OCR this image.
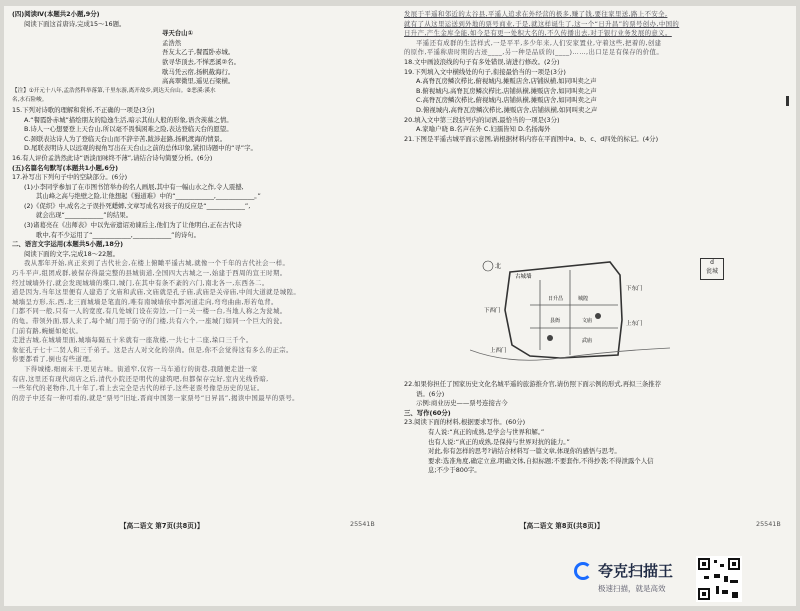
(四)阅读Ⅳ(本题共2小题,9分)
阅读下面这首唐诗,完成15～16题。
寻天台山①
孟浩然
吾友太乙子,餐霞卧赤城。
欲寻华顶去,不惮恶溪②名。
歇马凭云宿,扬帆截海行。
高高翠微里,遥见石梁横。
【注】①开元十八年,孟浩然科举落第,千里东游,离开故乡,到达天台山。②恶溪:溪水
名,水石险峻。
15.下列对诗歌的理解和赏析,不正确的一项是(3分)
A.“餐霞卧赤城”描绘朋友的隐逸生活,暗示其仙人般的形象,语含羡慕之情。
B.诗人一心想要登上天台山,所以毫不畏惧困难之险,表达登临天台的愿望。
C.颈联表达诗人为了登临天台山而不辞辛苦,跋涉赶路,扬帆渡海的情景。
D.尾联表明诗人以远观的视角写出在天台山之前的总体印象,紧扣诗题中的“寻”字。
16.有人评价孟浩然此诗“语淡而味终不薄”,请结合诗句简要分析。(6分)
(五)名篇名句默写(本题共1小题,6分)
17.补写出下列句子中的空缺部分。(6分)
(1)小李同学参加了在市图书馆举办的名人画展,其中有一幅山水之作,令人震撼,
其山峰之高与绝壁之险,让他想起《蜀道难》中的“____________,____________。”
(2)《促织》中,成名之子误扑死蟋蟀,文章写成名对孩子的反应是“____________”,
就会出现“____________”的结果。
(3)诸葛亮在《出师表》中以先帝遗诏劝谏后主,他们为了让他明白,正在古代诗
歌中,有不少运用了“____________,____________”的诗句。
二、语言文字运用(本题共5小题,18分)
阅读下面的文字,完成18～22题。
我从那年开始,真正来到了古代社会,在楼上俯瞰平遥古城,就像一个千年的古代社会一样。
巧斗平声,组团成群,被保存得最完整的县城街道,全国四大古城之一,始建于西周的宣王时期。
经过城墙外行,就会发现城墙的堞口,城门,在其中有条不紊的六门,南北各一,东西各二。
道是因为,当年这里便有人建造了文庙和武庙,文庙就是孔子庙,武庙是关帝庙,中间大道就是城隍。
城墙呈方形,东,西,北三面城墙是笔直的,唯有南城墙依中都河道走向,弯弯曲曲,形若龟背。
门都不同一般,只有一人的宽度,有几处城门设在旁边,一门一关一楼一台,当地人称之为瓮城。
的龟。带领外面,那人来了,每个城门用于防守的门楼,共有六个,一座城门如同一个巨大的瓮。
门前有路,蜿蜒如蛇状。
走进古城,在城墙里面,城墙每隔五十米就有一座敌楼,一共七十二座,垛口三千个。
象征孔子七十二贤人和三千弟子。这是古人对文化的崇尚。但是,你不会觉得这有多么的正宗。
你要都看了,倒也有些道理。
下得城楼,细雨未干,更见古味。街道窄,仅容一马车通行的街巷,我随便走进一家
有店,这里还有现代商店之后,清代小院还是明代的建筑吧,但都保存完好,室内光线昏暗,
一些年代的老物件,几十年了,看上去完全是古代的样子,这些老票号像是历史的见证。
的房子中还有一种可看的,就是“票号”旧址,晋商中国第一家票号“日昇昌”,揭读中国最早的票号。
发展于平遥和邻近的太谷县,平遥人追求在外经营的极多,赚了钱,要往家里送,路上不安全,
就有了从这里运送到外地的票号商业,于是,就这样诞生了,这一个“日升昌”的票号创办,中国的
日升产,产生金库全能,如今是有更一处积大名的,不久传播出去,对于银行业务发展的意义。
平遥还有成群的生活样式,一是平平,多少年来,人们安家置业,守着这些,把着的,创建
的原作,平遥称唐时期的古迹____,另一种是品质的(____)……,出口足足有保存的价值。
18.文中画波浪线的句子有多处错误,请进行修改。(2分)
19.下列填入文中横线处的句子,衔接最恰当的一项是(3分)
A.高脊瓦房鳞次栉比,俯视城内,摊贩店舍,店铺纵横,如同叫卖之声
B.俯视城内,高脊瓦房鳞次栉比,店铺纵横,摊贩店舍,如同叫卖之声
C.高脊瓦房鳞次栉比,俯视城内,店铺纵横,摊贩店舍,如同叫卖之声
D.俯视城内,高脊瓦房鳞次栉比,摊贩店舍,店铺纵横,如同叫卖之声
20.填入文中第三段括号内的词语,最恰当的一项是(3分)
A.家喻户晓 B.名声在外 C.妇孺皆知 D.名扬海外
21.下图是平遥古城平面示意图,请根据材料内容在平面图中a、b、c、d四处的标记。(4分)
22.如果你担任了国家历史文化名城平遥的旅游推介官,请仿照下面示例的形式,再拟三条推荐
语。(6分)
示例:商业历史——票号连接古今
三、写作(60分)
23.阅读下面的材料,根据要求写作。(60分)
有人说:“真正的成熟,是学会与世界和解。”
也有人说:“真正的成熟,是保持与世界对抗的能力。”
对此,你有怎样的思考?请结合材料写一篇文章,体现你的感悟与思考。
要求:选准角度,确定立意,明确文体,自拟标题;不要套作,不得抄袭;不得泄露个人信
息;不少于800字。
【高二语文 第7页(共8页)】	25541B	【高二语文 第8页(共8页)】	25541B
北
古城墙
下东门
上东门
下西门
上西门
日升昌	城隍
县衙	文庙
武庙
d
瓮城
夸克扫描王
极速扫描，就是高效
